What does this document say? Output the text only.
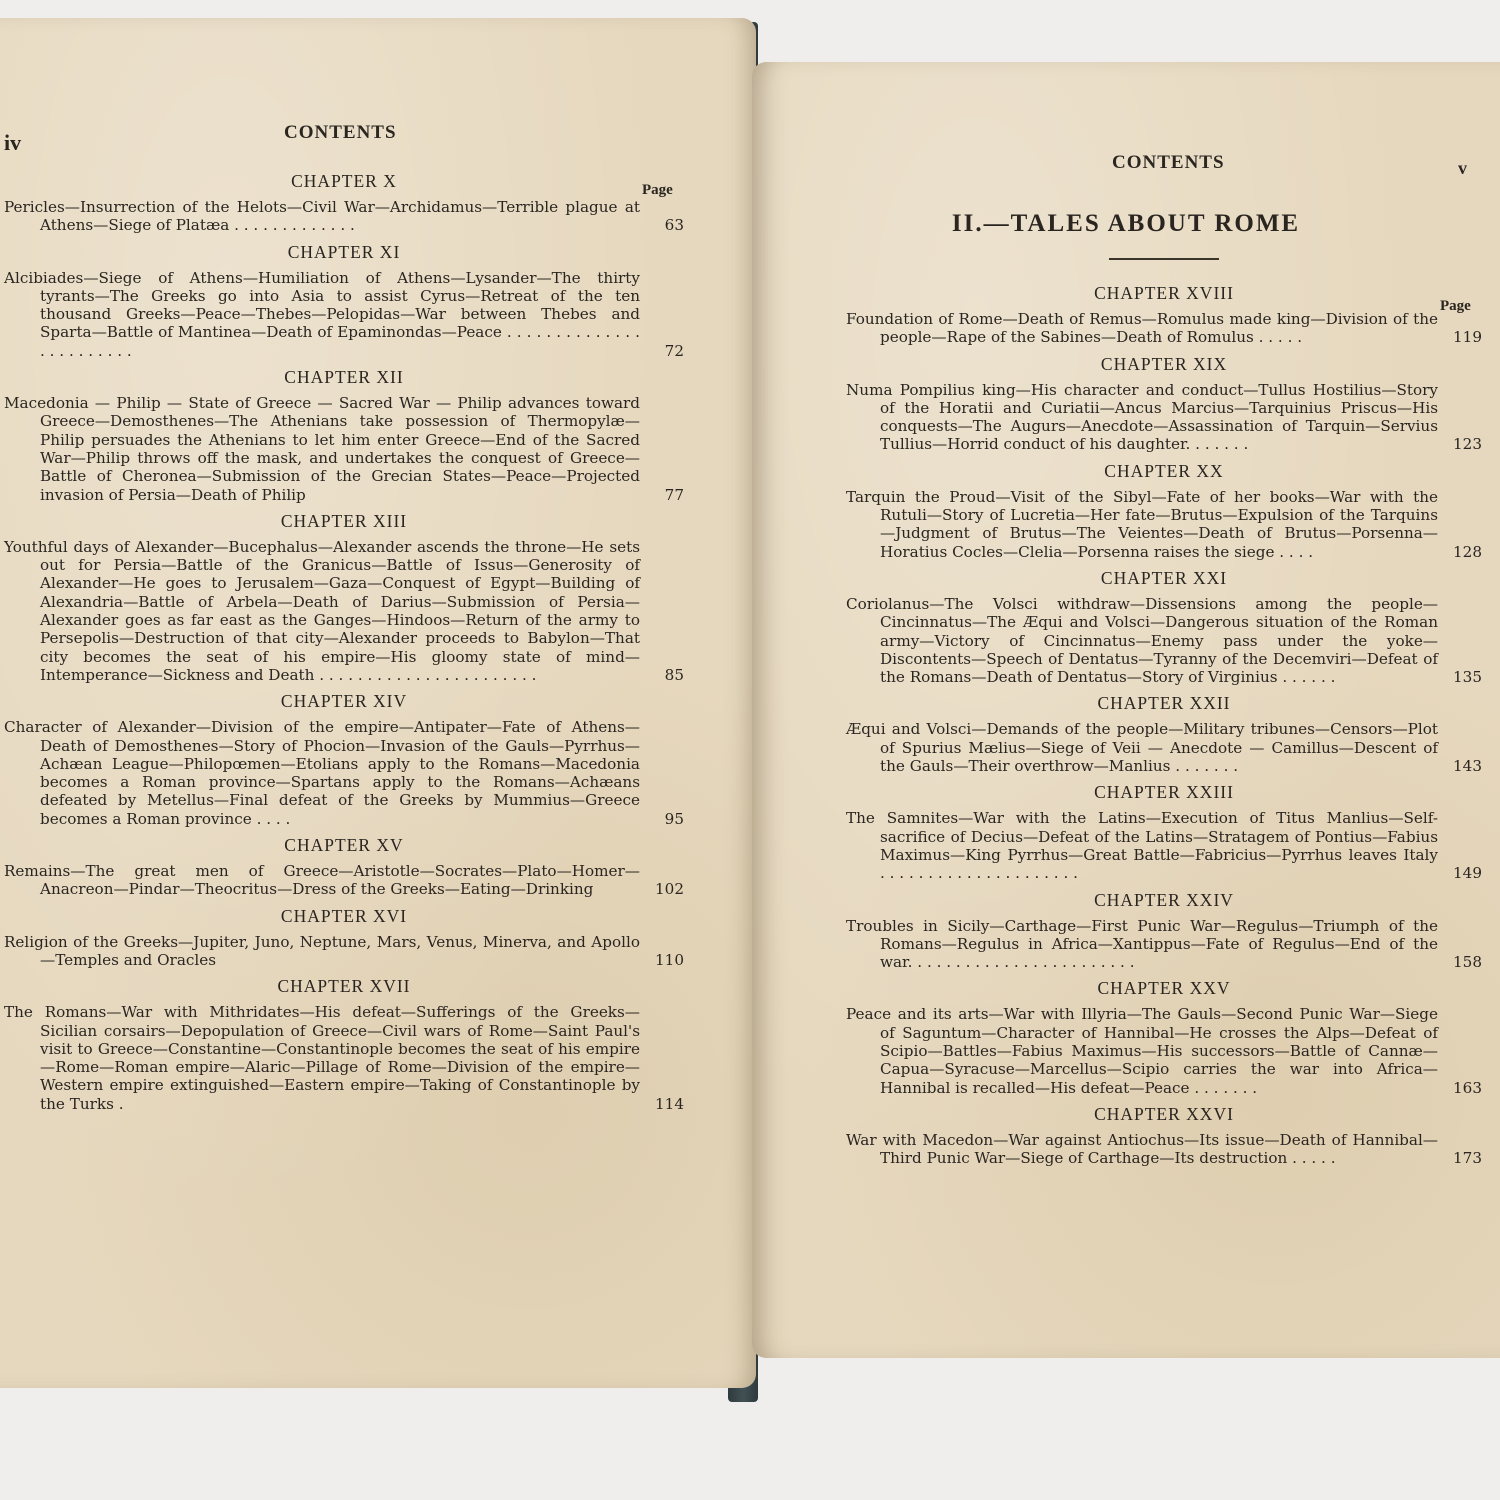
iv	CONTENTS
Page

CHAPTER X

Pericles—Insurrection of the Helots—Civil War—Archidamus—Terrible plague at Athens—Siege of Platæa . . . . . . . . . . . . .	63

CHAPTER XI

Alcibiades—Siege of Athens—Humiliation of Athens—Lysander—The thirty tyrants—The Greeks go into Asia to assist Cyrus—Retreat of the ten thousand Greeks—Peace—Thebes—Pelopidas—War between Thebes and Sparta—Battle of Mantinea—Death of Epaminondas—Peace . . . . . . . . . . . . . . . . . . . . . . . .	72

CHAPTER XII

Macedonia — Philip — State of Greece — Sacred War — Philip advances toward Greece—Demosthenes—The Athenians take possession of Thermopylæ—Philip persuades the Athenians to let him enter Greece—End of the Sacred War—Philip throws off the mask, and undertakes the conquest of Greece—Battle of Cheronea—Submission of the Grecian States—Peace—Projected invasion of Persia—Death of Philip	77

CHAPTER XIII

Youthful days of Alexander—Bucephalus—Alexander ascends the throne—He sets out for Persia—Battle of the Granicus—Battle of Issus—Generosity of Alexander—He goes to Jerusalem—Gaza—Conquest of Egypt—Building of Alexandria—Battle of Arbela—Death of Darius—Submission of Persia—Alexander goes as far east as the Ganges—Hindoos—Return of the army to Persepolis—Destruction of that city—Alexander proceeds to Babylon—That city becomes the seat of his empire—His gloomy state of mind—Intemperance—Sickness and Death . . . . . . . . . . . . . . . . . . . . . . .	85

CHAPTER XIV

Character of Alexander—Division of the empire—Antipater—Fate of Athens—Death of Demosthenes—Story of Phocion—Invasion of the Gauls—Pyrrhus—Achæan League—Philopœmen—Etolians apply to the Romans—Macedonia becomes a Roman province—Spartans apply to the Romans—Achæans defeated by Metellus—Final defeat of the Greeks by Mummius—Greece becomes a Roman province . . . .	95

CHAPTER XV

Remains—The great men of Greece—Aristotle—Socrates—Plato—Homer—Anacreon—Pindar—Theocritus—Dress of the Greeks—Eating—Drinking	102

CHAPTER XVI

Religion of the Greeks—Jupiter, Juno, Neptune, Mars, Venus, Minerva, and Apollo—Temples and Oracles	110

CHAPTER XVII

The Romans—War with Mithridates—His defeat—Sufferings of the Greeks—Sicilian corsairs—Depopulation of Greece—Civil wars of Rome—Saint Paul's visit to Greece—Constantine—Constantinople becomes the seat of his empire—Rome—Roman empire—Alaric—Pillage of Rome—Division of the empire—Western empire extinguished—Eastern empire—Taking of Constantinople by the Turks .	114
CONTENTS	v
II.—TALES ABOUT ROME
Page

CHAPTER XVIII

Foundation of Rome—Death of Remus—Romulus made king—Division of the people—Rape of the Sabines—Death of Romulus . . . . .	119

CHAPTER XIX

Numa Pompilius king—His character and conduct—Tullus Hostilius—Story of the Horatii and Curiatii—Ancus Marcius—Tarquinius Priscus—His conquests—The Augurs—Anecdote—Assassination of Tarquin—Servius Tullius—Horrid conduct of his daughter. . . . . . .	123

CHAPTER XX

Tarquin the Proud—Visit of the Sibyl—Fate of her books—War with the Rutuli—Story of Lucretia—Her fate—Brutus—Expulsion of the Tarquins—Judgment of Brutus—The Veientes—Death of Brutus—Porsenna—Horatius Cocles—Clelia—Porsenna raises the siege . . . .	128

CHAPTER XXI

Coriolanus—The Volsci withdraw—Dissensions among the people—Cincinnatus—The Æqui and Volsci—Dangerous situation of the Roman army—Victory of Cincinnatus—Enemy pass under the yoke—Discontents—Speech of Dentatus—Tyranny of the Decemviri—Defeat of the Romans—Death of Dentatus—Story of Virginius . . . . . .	135

CHAPTER XXII

Æqui and Volsci—Demands of the people—Military tribunes—Censors—Plot of Spurius Mælius—Siege of Veii — Anecdote — Camillus—Descent of the Gauls—Their overthrow—Manlius . . . . . . .	143

CHAPTER XXIII

The Samnites—War with the Latins—Execution of Titus Manlius—Self-sacrifice of Decius—Defeat of the Latins—Stratagem of Pontius—Fabius Maximus—King Pyrrhus—Great Battle—Fabricius—Pyrrhus leaves Italy . . . . . . . . . . . . . . . . . . . . .	149

CHAPTER XXIV

Troubles in Sicily—Carthage—First Punic War—Regulus—Triumph of the Romans—Regulus in Africa—Xantippus—Fate of Regulus—End of the war. . . . . . . . . . . . . . . . . . . . . . . .	158

CHAPTER XXV

Peace and its arts—War with Illyria—The Gauls—Second Punic War—Siege of Saguntum—Character of Hannibal—He crosses the Alps—Defeat of Scipio—Battles—Fabius Maximus—His successors—Battle of Cannæ—Capua—Syracuse—Marcellus—Scipio carries the war into Africa—Hannibal is recalled—His defeat—Peace . . . . . . .	163

CHAPTER XXVI

War with Macedon—War against Antiochus—Its issue—Death of Hannibal—Third Punic War—Siege of Carthage—Its destruction . . . . .	173
